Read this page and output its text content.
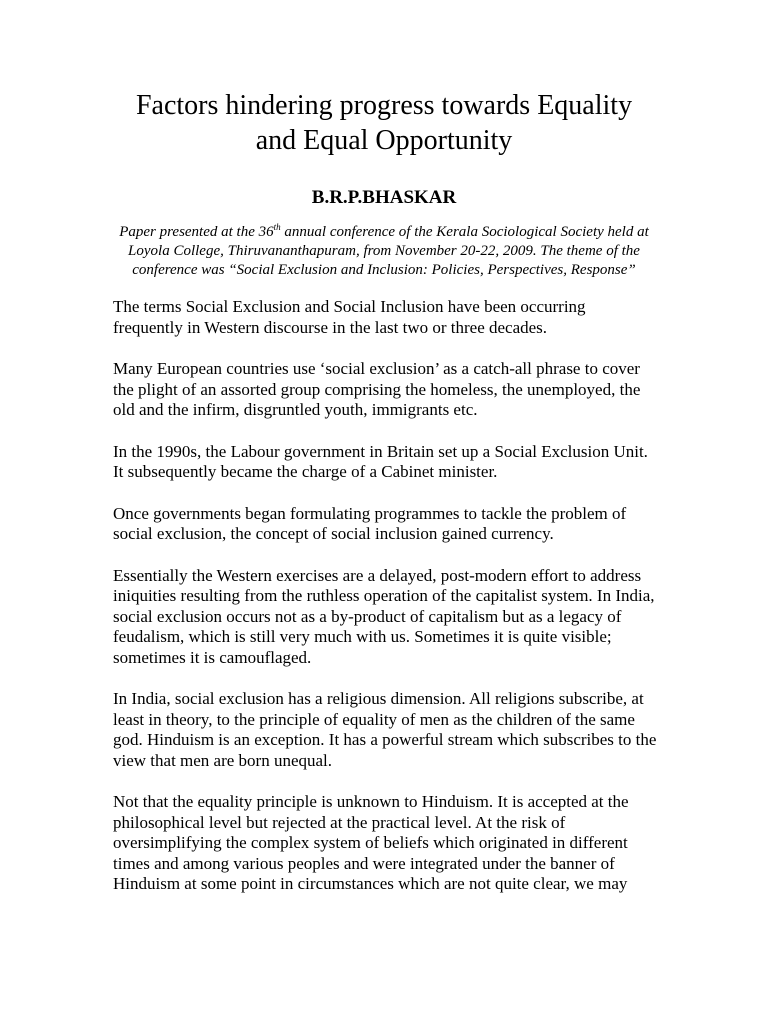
Factors hindering progress towards Equality
and Equal Opportunity

B.R.P.BHASKAR

Paper presented at the 36th annual conference of the Kerala Sociological Society held at Loyola College, Thiruvananthapuram, from November 20-22, 2009. The theme of the conference was “Social Exclusion and Inclusion: Policies, Perspectives, Response”

The terms Social Exclusion and Social Inclusion have been occurring frequently in Western discourse in the last two or three decades.

Many European countries use ‘social exclusion’ as a catch-all phrase to cover the plight of an assorted group comprising the homeless, the unemployed, the old and the infirm, disgruntled youth, immigrants etc.

In the 1990s, the Labour government in Britain set up a Social Exclusion Unit. It subsequently became the charge of a Cabinet minister.

Once governments began formulating programmes to tackle the problem of social exclusion, the concept of social inclusion gained currency.

Essentially the Western exercises are a delayed, post-modern effort to address iniquities resulting from the ruthless operation of the capitalist system. In India, social exclusion occurs not as a by-product of capitalism but as a legacy of feudalism, which is still very much with us. Sometimes it is quite visible; sometimes it is camouflaged.

In India, social exclusion has a religious dimension. All religions subscribe, at least in theory, to the principle of equality of men as the children of the same god. Hinduism is an exception. It has a powerful stream which subscribes to the view that men are born unequal.

Not that the equality principle is unknown to Hinduism. It is accepted at the philosophical level but rejected at the practical level. At the risk of oversimplifying the complex system of beliefs which originated in different times and among various peoples and were integrated under the banner of Hinduism at some point in circumstances which are not quite clear, we may
